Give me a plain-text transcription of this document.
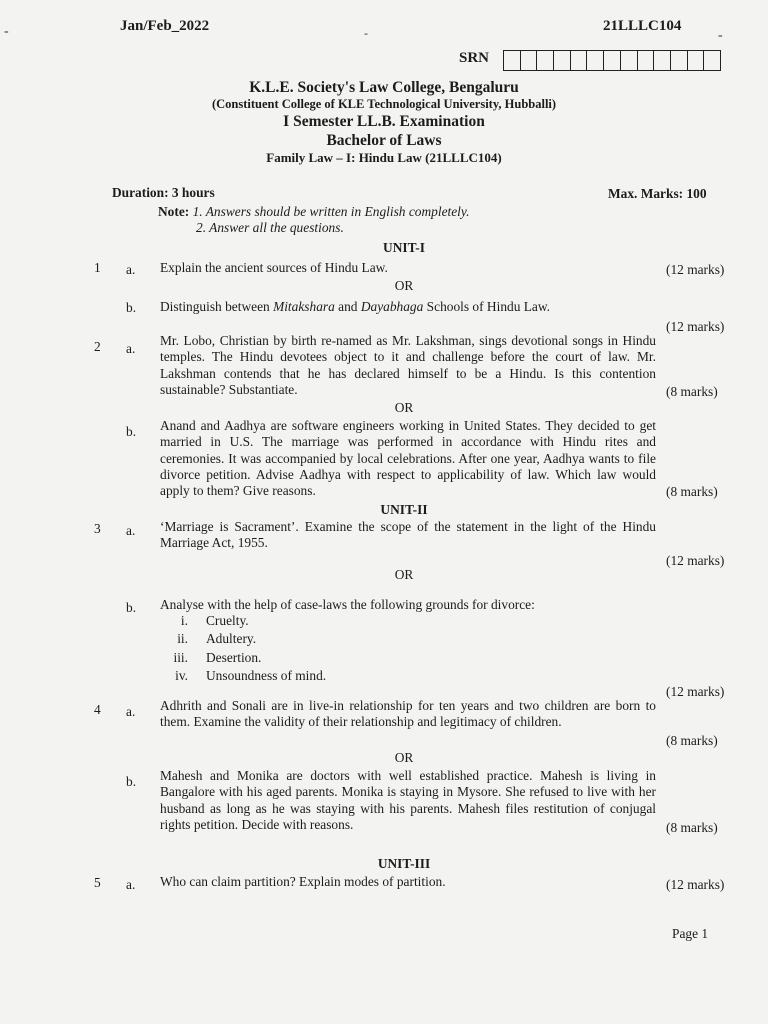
-	-	-
Jan/Feb_2022	21LLLC104
SRN
K.L.E. Society's Law College, Bengaluru
(Constituent College of KLE Technological University, Hubballi)
I Semester LL.B. Examination
Bachelor of Laws
Family Law – I: Hindu Law (21LLLC104)
Duration: 3 hours	Max. Marks: 100
Note: 1. Answers should be written in English completely.
2. Answer all the questions.
UNIT-I
1 a. Explain the ancient sources of Hindu Law.	(12 marks)
OR
b. Distinguish between Mitakshara and Dayabhaga Schools of Hindu Law.
(12 marks)
2 a.
Mr. Lobo, Christian by birth re-named as Mr. Lakshman, sings devotional songs in Hindu temples. The Hindu devotees object to it and challenge before the court of law. Mr. Lakshman contends that he has declared himself to be a Hindu. Is this contention sustainable? Substantiate.	(8 marks)
OR
b. Anand and Aadhya are software engineers working in United States. They decided to get married in U.S. The marriage was performed in accordance with Hindu rites and ceremonies. It was accompanied by local celebrations. After one year, Aadhya wants to file divorce petition. Advise Aadhya with respect to applicability of law. Which law would apply to them? Give reasons.	(8 marks)
UNIT-II
3 a. ‘Marriage is Sacrament’. Examine the scope of the statement in the light of the Hindu Marriage Act, 1955.
(12 marks)
OR
b. Analyse with the help of case-laws the following grounds for divorce:
i. Cruelty.
ii. Adultery.
iii. Desertion.
iv. Unsoundness of mind.
(12 marks)
4 a. Adhrith and Sonali are in live-in relationship for ten years and two children are born to them. Examine the validity of their relationship and legitimacy of children.
(8 marks)
OR
b. Mahesh and Monika are doctors with well established practice. Mahesh is living in Bangalore with his aged parents. Monika is staying in Mysore. She refused to live with her husband as long as he was staying with his parents. Mahesh files restitution of conjugal rights petition. Decide with reasons.	(8 marks)
UNIT-III
5 a. Who can claim partition? Explain modes of partition.	(12 marks)
Page 1
